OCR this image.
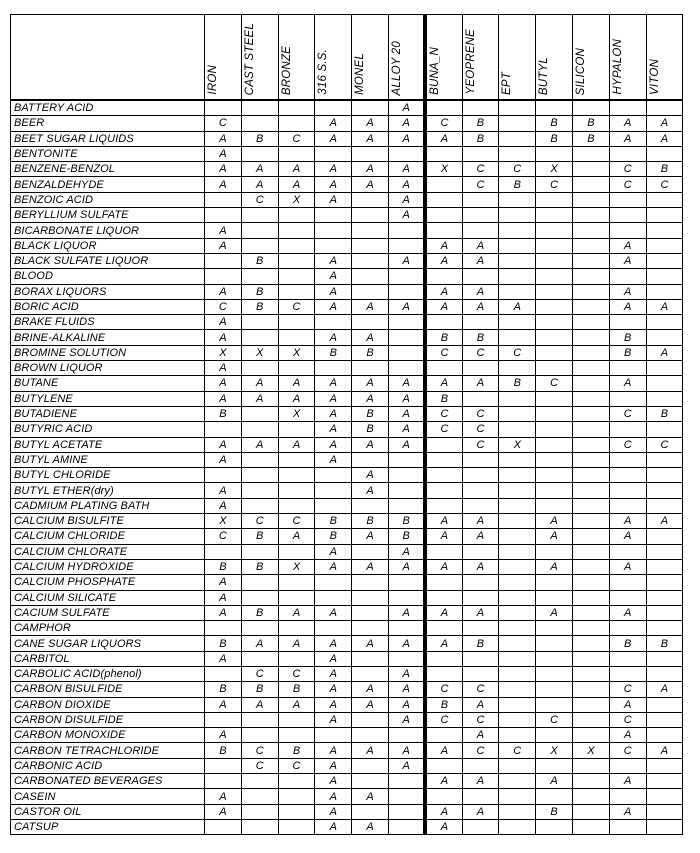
	IRON	CAST STEEL	BRONZE	316 S.S.	MONEL	ALLOY 20	BUNA_N	YEOPRENE	EPT	BUTYL	SILICON	HYPALON	VITON

BATTERY ACID						A							
BEER	C			A	A	A	C	B		B	B	A	A
BEET SUGAR LIQUIDS	A	B	C	A	A	A	A	B		B	B	A	A
BENTONITE	A												
BENZENE-BENZOL	A	A	A	A	A	A	X	C	C	X		C	B
BENZALDEHYDE	A	A	A	A	A	A		C	B	C		C	C
BENZOIC ACID		C	X	A		A							
BERYLLIUM SULFATE						A							
BICARBONATE LIQUOR	A												
BLACK LIQUOR	A						A	A				A	
BLACK SULFATE LIQUOR		B		A		A	A	A				A	
BLOOD				A									
BORAX LIQUORS	A	B		A			A	A				A	
BORIC ACID	C	B	C	A	A	A	A	A	A			A	A
BRAKE FLUIDS	A												
BRINE-ALKALINE	A			A	A		B	B				B	
BROMINE SOLUTION	X	X	X	B	B		C	C	C			B	A
BROWN LIQUOR	A												
BUTANE	A	A	A	A	A	A	A	A	B	C		A	
BUTYLENE	A	A	A	A	A	A	B						
BUTADIENE	B		X	A	B	A	C	C				C	B
BUTYRIC ACID				A	B	A	C	C					
BUTYL ACETATE	A	A	A	A	A	A		C	X			C	C
BUTYL AMINE	A			A									
BUTYL CHLORIDE					A								
BUTYL ETHER(dry)	A				A								
CADMIUM PLATING BATH	A												
CALCIUM BISULFITE	X	C	C	B	B	B	A	A		A		A	A
CALCIUM CHLORIDE	C	B	A	B	A	B	A	A		A		A	
CALCIUM CHLORATE				A		A							
CALCIUM HYDROXIDE	B	B	X	A	A	A	A	A		A		A	
CALCIUM PHOSPHATE	A												
CALCIUM SILICATE	A												
CACIUM SULFATE	A	B	A	A		A	A	A		A		A	
CAMPHOR													
CANE SUGAR LIQUORS	B	A	A	A	A	A	A	B				B	B
CARBITOL	A			A									
CARBOLIC ACID(phenol)		C	C	A		A							
CARBON BISULFIDE	B	B	B	A	A	A	C	C				C	A
CARBON DIOXIDE	A	A	A	A	A	A	B	A				A	
CARBON DISULFIDE				A		A	C	C		C		C	
CARBON MONOXIDE	A							A				A	
CARBON TETRACHLORIDE	B	C	B	A	A	A	A	C	C	X	X	C	A
CARBONIC ACID		C	C	A		A							
CARBONATED BEVERAGES				A			A	A		A		A	
CASEIN	A			A	A								
CASTOR OIL	A			A			A	A		B		A	
CATSUP				A	A		A						
